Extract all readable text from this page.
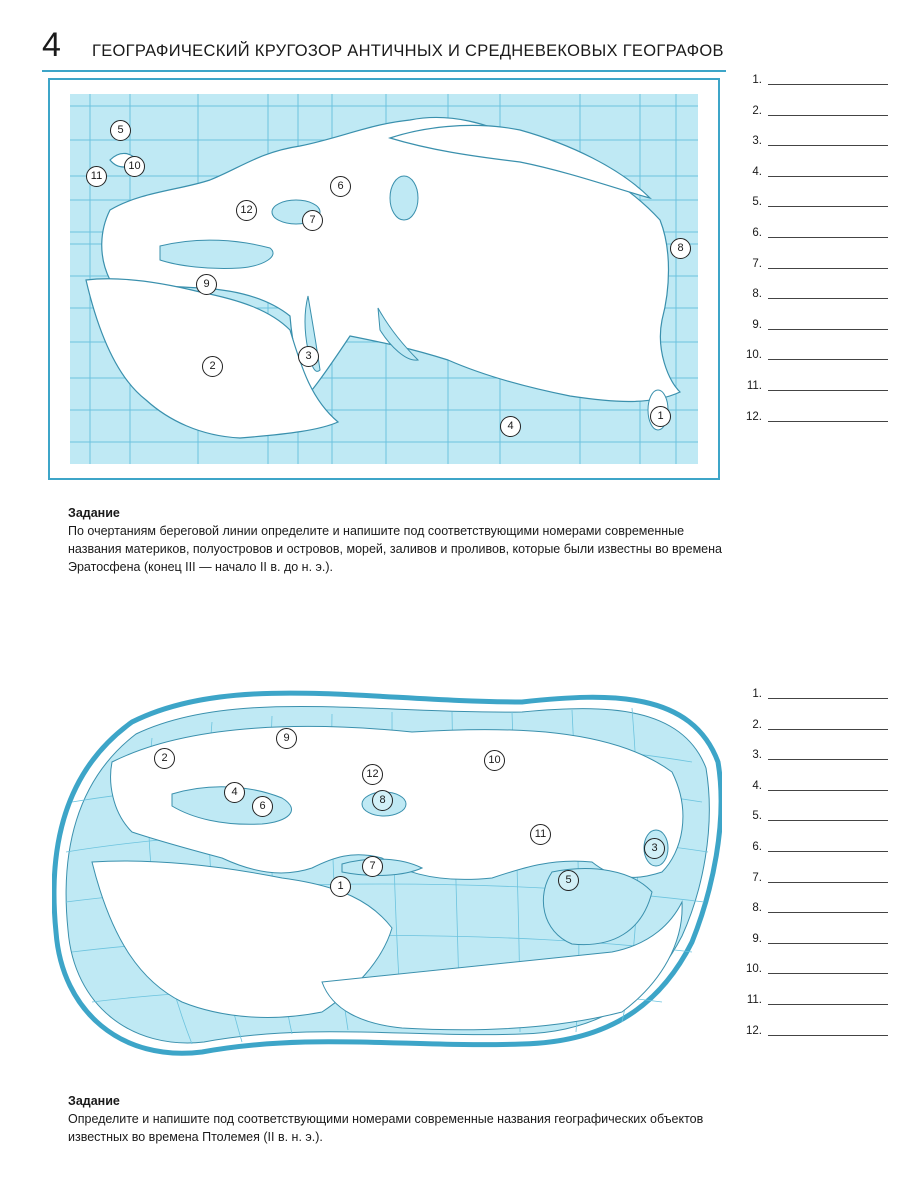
4 ГЕОГРАФИЧЕСКИЙ КРУГОЗОР АНТИЧНЫХ И СРЕДНЕВЕКОВЫХ ГЕОГРАФОВ
5
11
10
6
12
7
8
9
2
3
1
4
1.
2.
3.
4.
5.
6.
7.
8.
9.
10.
11.
12.
Задание
По очертаниям береговой линии определите и напишите под соответствующими номерами современные названия материков, полуостровов и островов, морей, заливов и проливов, которые были известны во времена Эратосфена (конец III — начало II в. до н. э.).
9
2	10
12
4
6	8
11
3
7
5
1
1.
2.
3.
4.
5.
6.
7.
8.
9.
10.
11.
12.
Задание
Определите и напишите под соответствующими номерами современные названия географических объектов известных во времена Птолемея (II в. н. э.).
